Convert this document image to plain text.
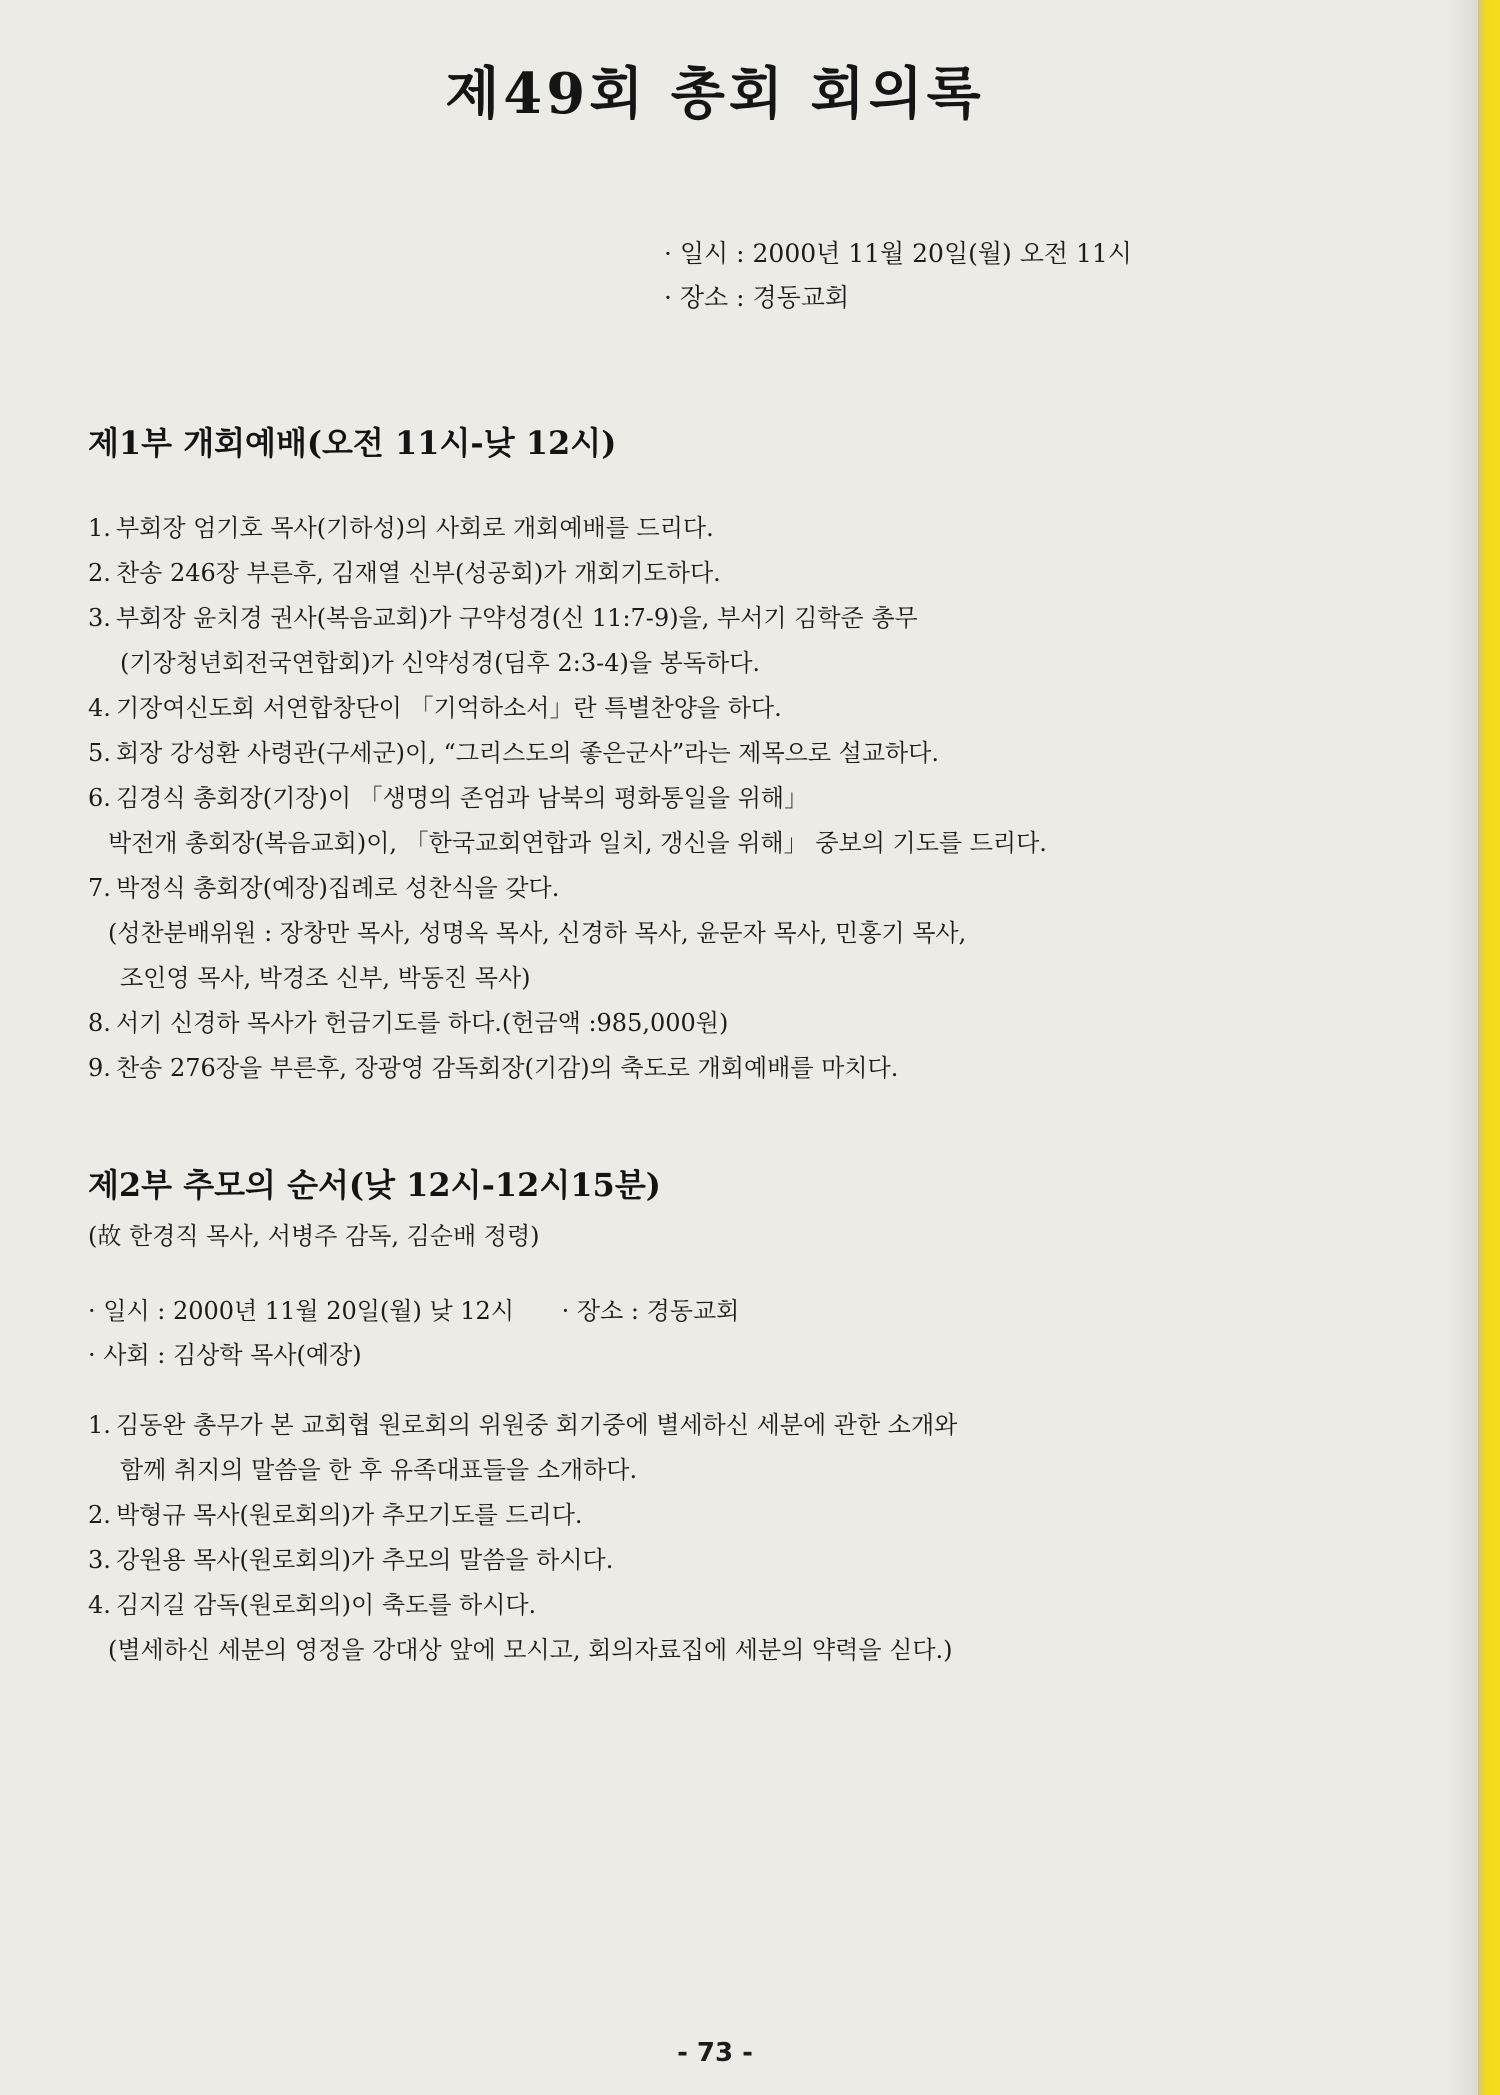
제49회 총회 회의록
· 일시 : 2000년 11월 20일(월) 오전 11시
· 장소 : 경동교회
제1부 개회예배(오전 11시-낮 12시)
1. 부회장 엄기호 목사(기하성)의 사회로 개회예배를 드리다.
2. 찬송 246장 부른후, 김재열 신부(성공회)가 개회기도하다.
3. 부회장 윤치경 권사(복음교회)가 구약성경(신 11:7-9)을, 부서기 김학준 총무
(기장청년회전국연합회)가 신약성경(딤후 2:3-4)을 봉독하다.
4. 기장여신도회 서연합창단이 「기억하소서」란 특별찬양을 하다.
5. 회장 강성환 사령관(구세군)이, “그리스도의 좋은군사”라는 제목으로 설교하다.
6. 김경식 총회장(기장)이 「생명의 존엄과 남북의 평화통일을 위해」
박전개 총회장(복음교회)이, 「한국교회연합과 일치, 갱신을 위해」 중보의 기도를 드리다.
7. 박정식 총회장(예장)집례로 성찬식을 갖다.
(성찬분배위원 : 장창만 목사, 성명옥 목사, 신경하 목사, 윤문자 목사, 민홍기 목사,
조인영 목사, 박경조 신부, 박동진 목사)
8. 서기 신경하 목사가 헌금기도를 하다.(헌금액 :985,000원)
9. 찬송 276장을 부른후, 장광영 감독회장(기감)의 축도로 개회예배를 마치다.
제2부 추모의 순서(낮 12시-12시15분)
(故 한경직 목사, 서병주 감독, 김순배 정령)
· 일시 : 2000년 11월 20일(월) 낮 12시 · 장소 : 경동교회
· 사회 : 김상학 목사(예장)
1. 김동완 총무가 본 교회협 원로회의 위원중 회기중에 별세하신 세분에 관한 소개와
함께 취지의 말씀을 한 후 유족대표들을 소개하다.
2. 박형규 목사(원로회의)가 추모기도를 드리다.
3. 강원용 목사(원로회의)가 추모의 말씀을 하시다.
4. 김지길 감독(원로회의)이 축도를 하시다.
(별세하신 세분의 영정을 강대상 앞에 모시고, 회의자료집에 세분의 약력을 싣다.)
- 73 -
